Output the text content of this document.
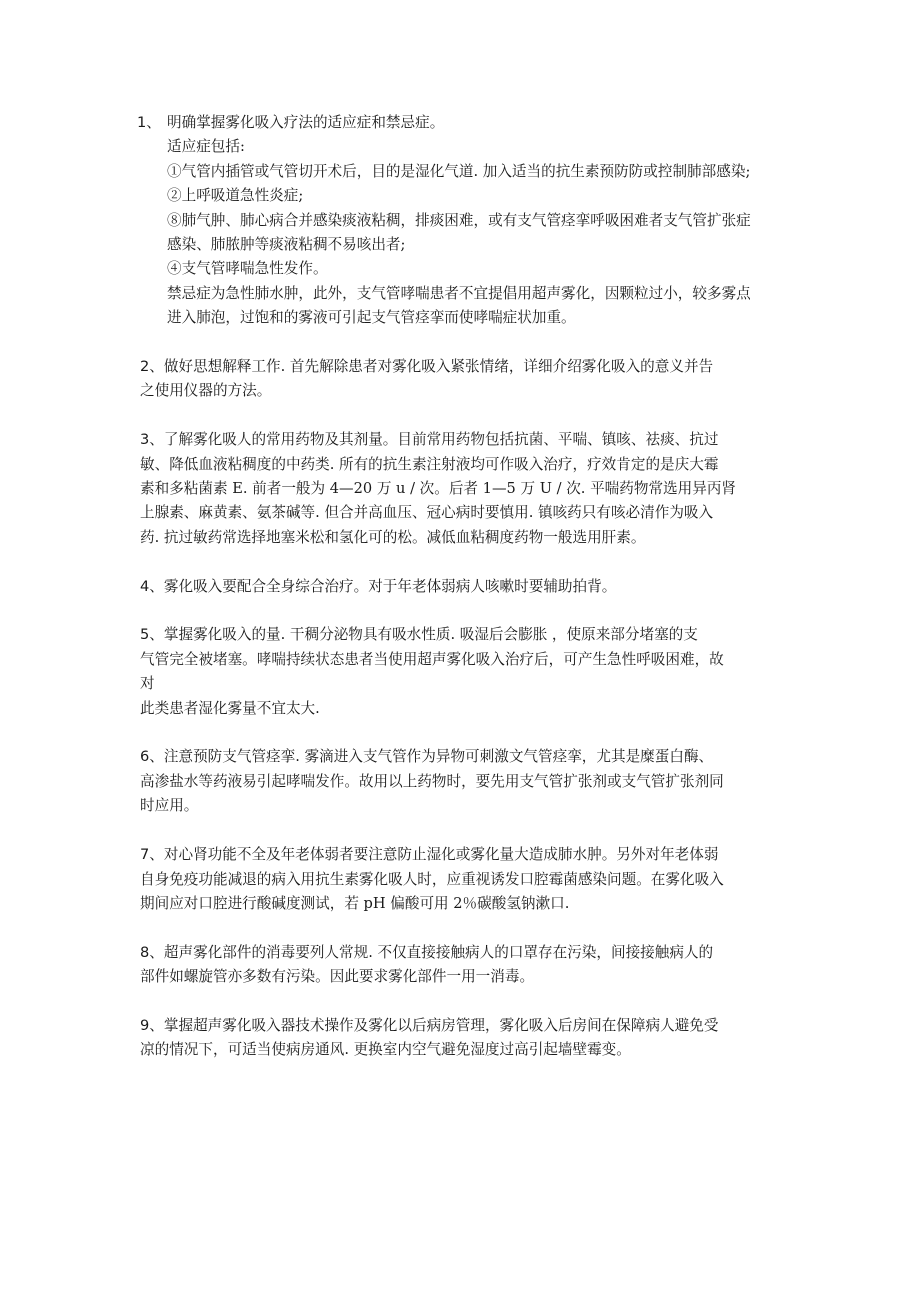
1、 明确掌握雾化吸入疗法的适应症和禁忌症。
适应症包括:
①气管内插管或气管切开术后，目的是湿化气道. 加入适当的抗生素预防防或控制肺部感染;
②上呼吸道急性炎症;
⑧肺气肿、肺心病合并感染痰液粘稠，排痰困难，或有支气管痉挛呼吸困难者支气管扩张症
感染、肺脓肿等痰液粘稠不易咳出者;
④支气管哮喘急性发作。
禁忌症为急性肺水肿，此外，支气管哮喘患者不宜提倡用超声雾化，因颗粒过小，较多雾点
进入肺泡，过饱和的雾液可引起支气管痉挛而使哮喘症状加重。
2、做好思想解释工作. 首先解除患者对雾化吸入紧张情绪，详细介绍雾化吸入的意义并告
之使用仪器的方法。
3、了解雾化吸人的常用药物及其剂量。目前常用药物包括抗菌、平喘、镇咳、祛痰、抗过
敏、降低血液粘稠度的中药类. 所有的抗生素注射液均可作吸入治疗，疗效肯定的是庆大霉
素和多粘菌素 E. 前者一般为 4—20 万 u / 次。后者 1—5 万 U / 次. 平喘药物常选用异丙肾
上腺素、麻黄素、氨茶碱等. 但合并高血压、冠心病时要慎用. 镇咳药只有咳必清作为吸入
药. 抗过敏药常选择地塞米松和氢化可的松。减低血粘稠度药物一般选用肝素。
4、雾化吸入要配合全身综合治疗。对于年老体弱病人咳嗽时要辅助拍背。
5、掌握雾化吸入的量. 干稠分泌物具有吸水性质. 吸湿后会膨胀 ，使原来部分堵塞的支
气管完全被堵塞。哮喘持续状态患者当使用超声雾化吸入治疗后，可产生急性呼吸困难，故
对
此类患者湿化雾量不宜太大.
6、注意预防支气管痉挛. 雾滴进入支气管作为异物可刺激文气管痉挛，尤其是糜蛋白酶、
高渗盐水等药液易引起哮喘发作。故用以上药物时，要先用支气管扩张剂或支气管扩张剂同
时应用。
7、对心肾功能不全及年老体弱者要注意防止湿化或雾化量大造成肺水肿。另外对年老体弱
自身免疫功能减退的病入用抗生素雾化吸人时，应重视诱发口腔霉菌感染问题。在雾化吸入
期间应对口腔进行酸碱度测试，若 pH 偏酸可用 2％碳酸氢钠漱口.
8、超声雾化部件的消毒要列人常规. 不仅直接接触病人的口罩存在污染，间接接触病人的
部件如螺旋管亦多数有污染。因此要求雾化部件一用一消毒。
9、掌握超声雾化吸入器技术操作及雾化以后病房管理，雾化吸入后房间在保障病人避免受
凉的情况下，可适当使病房通风. 更换室内空气避免湿度过高引起墙壁霉变。
